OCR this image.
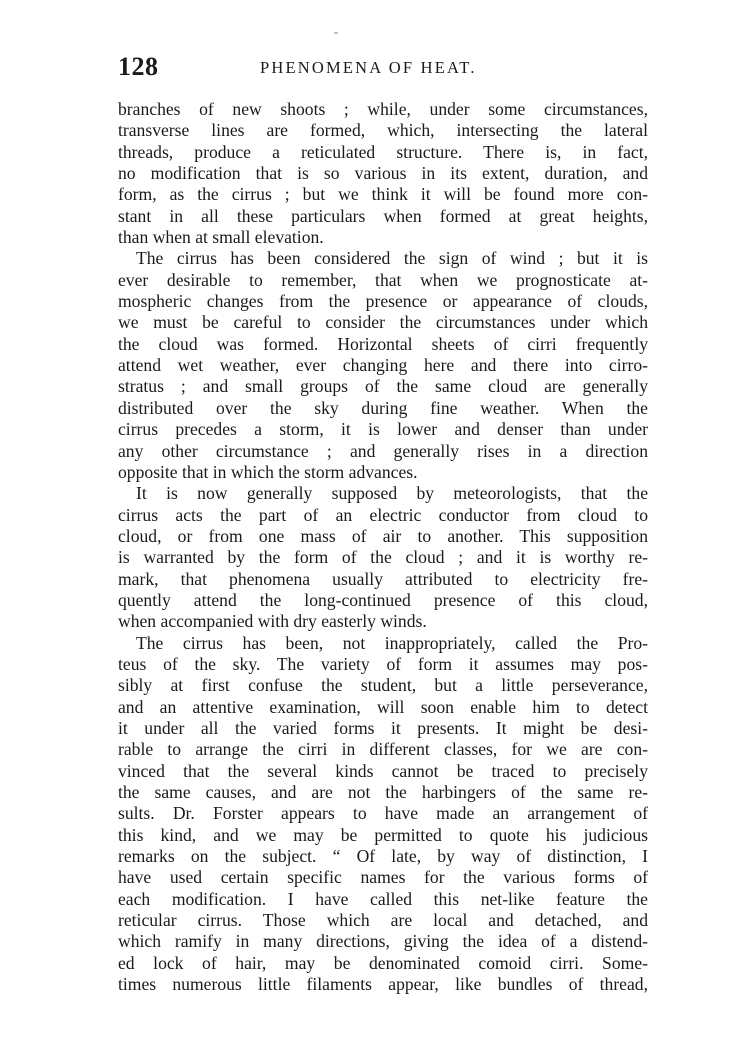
128	PHENOMENA OF HEAT.
branches of new shoots ; while, under some circumstances,
transverse lines are formed, which, intersecting the lateral
threads, produce a reticulated structure. There is, in fact,
no modification that is so various in its extent, duration, and
form, as the cirrus ; but we think it will be found more con-
stant in all these particulars when formed at great heights,
than when at small elevation.
The cirrus has been considered the sign of wind ; but it is
ever desirable to remember, that when we prognosticate at-
mospheric changes from the presence or appearance of clouds,
we must be careful to consider the circumstances under which
the cloud was formed. Horizontal sheets of cirri frequently
attend wet weather, ever changing here and there into cirro-
stratus ; and small groups of the same cloud are generally
distributed over the sky during fine weather. When the
cirrus precedes a storm, it is lower and denser than under
any other circumstance ; and generally rises in a direction
opposite that in which the storm advances.
It is now generally supposed by meteorologists, that the
cirrus acts the part of an electric conductor from cloud to
cloud, or from one mass of air to another. This supposition
is warranted by the form of the cloud ; and it is worthy re-
mark, that phenomena usually attributed to electricity fre-
quently attend the long-continued presence of this cloud,
when accompanied with dry easterly winds.
The cirrus has been, not inappropriately, called the Pro-
teus of the sky. The variety of form it assumes may pos-
sibly at first confuse the student, but a little perseverance,
and an attentive examination, will soon enable him to detect
it under all the varied forms it presents. It might be desi-
rable to arrange the cirri in different classes, for we are con-
vinced that the several kinds cannot be traced to precisely
the same causes, and are not the harbingers of the same re-
sults. Dr. Forster appears to have made an arrangement of
this kind, and we may be permitted to quote his judicious
remarks on the subject. “ Of late, by way of distinction, I
have used certain specific names for the various forms of
each modification. I have called this net-like feature the
reticular cirrus. Those which are local and detached, and
which ramify in many directions, giving the idea of a distend-
ed lock of hair, may be denominated comoid cirri. Some-
times numerous little filaments appear, like bundles of thread,
